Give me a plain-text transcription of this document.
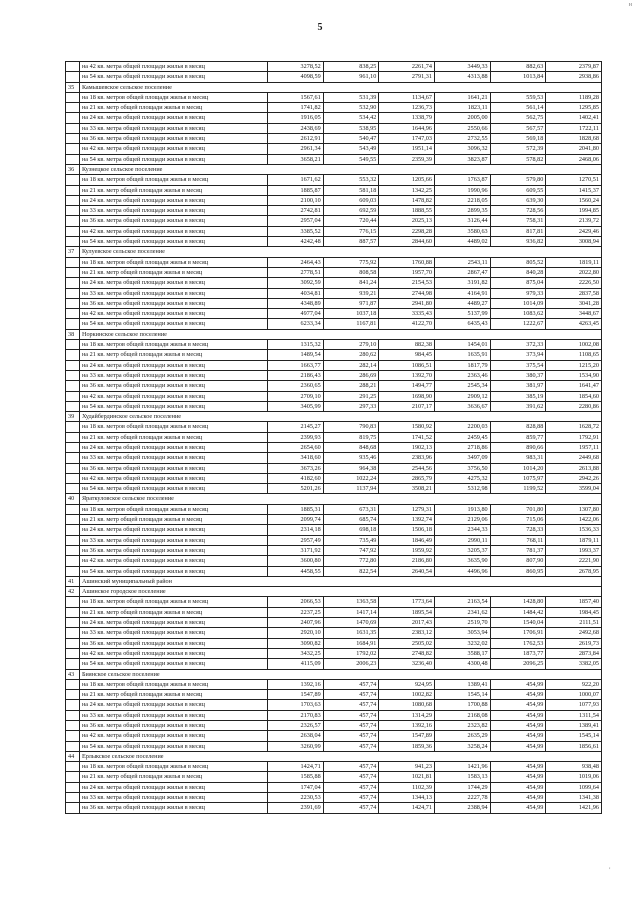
н
5
	на 42 кв. метра общей площади жилья в месяц	3278,52	838,25	2261,74	3449,33	882,63	2379,87
	на 54 кв. метра общей площади жилья в месяц	4098,59	961,10	2791,31	4313,88	1013,84	2938,86
35	Камышевское сельское поселение						
	на 18 кв. метров общей площади жилья в месяц	1567,61	531,39	1134,67	1641,21	559,53	1189,28
	на 21 кв. метр общей площади жилья в месяц	1741,82	532,90	1236,73	1823,11	561,14	1295,85
	на 24 кв. метра общей площади жилья в месяц	1916,05	534,42	1338,79	2005,00	562,75	1402,41
	на 33 кв. метра общей площади жилья в месяц	2438,69	538,95	1644,96	2550,66	567,57	1722,11
	на 36 кв. метра общей площади жилья в месяц	2612,91	540,47	1747,03	2732,55	569,18	1828,68
	на 42 кв. метра общей площади жилья в месяц	2961,34	543,49	1951,14	3096,32	572,39	2041,80
	на 54 кв. метра общей площади жилья в месяц	3658,21	549,55	2359,39	3823,87	578,82	2468,06
36	Кузнецкое сельское поселение						
	на 18 кв. метров общей площади жилья в месяц	1671,62	553,32	1205,66	1763,87	579,80	1270,51
	на 21 кв. метр общей площади жилья в месяц	1885,87	581,18	1342,25	1990,96	609,55	1415,37
	на 24 кв. метра общей площади жилья в месяц	2100,10	609,03	1478,82	2218,05	639,30	1560,24
	на 33 кв. метра общей площади жилья в месяц	2742,81	692,59	1888,55	2899,35	728,56	1994,85
	на 36 кв. метра общей площади жилья в месяц	2957,04	720,44	2025,13	3126,44	758,31	2139,72
	на 42 кв. метра общей площади жилья в месяц	3385,52	776,15	2298,28	3580,63	817,81	2429,46
	на 54 кв. метра общей площади жилья в месяц	4242,48	887,57	2844,60	4489,02	936,82	3008,94
37	Кулуевское сельское поселение						
	на 18 кв. метров общей площади жилья в месяц	2464,43	775,92	1760,88	2543,11	805,52	1819,11
	на 21 кв. метр общей площади жилья в месяц	2778,51	808,58	1957,70	2867,47	840,28	2022,80
	на 24 кв. метра общей площади жилья в месяц	3092,59	841,24	2154,53	3191,82	875,04	2226,50
	на 33 кв. метра общей площади жилья в месяц	4034,81	939,21	2744,98	4164,91	979,33	2837,58
	на 36 кв. метра общей площади жилья в месяц	4348,89	971,87	2941,80	4489,27	1014,09	3041,28
	на 42 кв. метра общей площади жилья в месяц	4977,04	1037,18	3335,43	5137,99	1083,62	3448,67
	на 54 кв. метра общей площади жилья в месяц	6233,34	1167,81	4122,70	6435,43	1222,67	4263,45
38	Норкинское сельское поселение						
	на 18 кв. метров общей площади жилья в месяц	1315,32	279,10	882,38	1454,01	372,33	1002,08
	на 21 кв. метр общей площади жилья в месяц	1489,54	280,62	984,45	1635,91	373,94	1108,65
	на 24 кв. метра общей площади жилья в месяц	1663,77	282,14	1086,51	1817,79	375,54	1215,20
	на 33 кв. метра общей площади жилья в месяц	2186,43	286,69	1392,70	2363,46	380,37	1534,90
	на 36 кв. метра общей площади жилья в месяц	2360,65	288,21	1494,77	2545,34	381,97	1641,47
	на 42 кв. метра общей площади жилья в месяц	2709,10	291,25	1698,90	2909,12	385,19	1854,60
	на 54 кв. метра общей площади жилья в месяц	3405,99	297,33	2107,17	3636,67	391,62	2280,86
39	Худайбердинское сельское поселение						
	на 18 кв. метров общей площади жилья в месяц	2145,27	790,83	1580,92	2200,03	828,88	1628,72
	на 21 кв. метр общей площади жилья в месяц	2399,93	819,75	1741,52	2459,45	859,77	1792,91
	на 24 кв. метра общей площади жилья в месяц	2654,60	848,68	1902,13	2718,86	890,66	1957,11
	на 33 кв. метра общей площади жилья в месяц	3418,60	935,46	2383,96	3497,09	983,31	2449,68
	на 36 кв. метра общей площади жилья в месяц	3673,26	964,38	2544,56	3756,50	1014,20	2613,88
	на 42 кв. метра общей площади жилья в месяц	4182,60	1022,24	2865,79	4275,32	1075,97	2942,26
	на 54 кв. метра общей площади жилья в месяц	5201,26	1137,94	3508,21	5312,98	1199,52	3599,04
40	Яраткуловское сельское поселение						
	на 18 кв. метров общей площади жилья в месяц	1885,31	673,31	1279,31	1913,80	701,80	1307,80
	на 21 кв. метр общей площади жилья в месяц	2099,74	685,74	1392,74	2129,06	715,06	1422,06
	на 24 кв. метра общей площади жилья в месяц	2314,18	698,18	1506,18	2344,33	728,33	1536,33
	на 33 кв. метра общей площади жилья в месяц	2957,49	735,49	1846,49	2990,11	768,11	1879,11
	на 36 кв. метра общей площади жилья в месяц	3171,92	747,92	1959,92	3205,37	781,37	1993,37
	на 42 кв. метра общей площади жилья в месяц	3600,80	772,80	2186,80	3635,90	807,90	2221,90
	на 54 кв. метра общей площади жилья в месяц	4458,55	822,54	2640,54	4496,96	860,95	2678,95
41	Ашинский муниципальный район						
42	Ашинское городское поселение						
	на 18 кв. метров общей площади жилья в месяц	2066,53	1363,58	1773,64	2163,54	1428,80	1857,40
	на 21 кв. метр общей площади жилья в месяц	2237,25	1417,14	1895,54	2341,62	1484,42	1984,45
	на 24 кв. метра общей площади жилья в месяц	2407,96	1470,69	2017,43	2519,70	1540,04	2111,51
	на 33 кв. метра общей площади жилья в месяц	2920,10	1631,35	2383,12	3053,94	1706,91	2492,68
	на 36 кв. метра общей площади жилья в месяц	3090,82	1684,91	2505,02	3232,02	1762,53	2619,73
	на 42 кв. метра общей площади жилья в месяц	3432,25	1792,02	2748,82	3588,17	1873,77	2873,84
	на 54 кв. метра общей площади жилья в месяц	4115,09	2006,23	3236,40	4300,48	2096,25	3382,05
43	Биянское сельское поселение						
	на 18 кв. метров общей площади жилья в месяц	1392,16	457,74	924,95	1389,41	454,99	922,20
	на 21 кв. метр общей площади жилья в месяц	1547,89	457,74	1002,82	1545,14	454,99	1000,07
	на 24 кв. метра общей площади жилья в месяц	1703,63	457,74	1080,68	1700,88	454,99	1077,93
	на 33 кв. метра общей площади жилья в месяц	2170,83	457,74	1314,29	2168,08	454,99	1311,54
	на 36 кв. метра общей площади жилья в месяц	2326,57	457,74	1392,16	2323,82	454,99	1389,41
	на 42 кв. метра общей площади жилья в месяц	2638,04	457,74	1547,89	2635,29	454,99	1545,14
	на 54 кв. метра общей площади жилья в месяц	3260,99	457,74	1859,36	3258,24	454,99	1856,61
44	Ерлыкское сельское поселение						
	на 18 кв. метров общей площади жилья в месяц	1424,71	457,74	941,23	1421,96	454,99	938,48
	на 21 кв. метр общей площади жилья в месяц	1585,88	457,74	1021,81	1583,13	454,99	1019,06
	на 24 кв. метра общей площади жилья в месяц	1747,04	457,74	1102,39	1744,29	454,99	1099,64
	на 33 кв. метра общей площади жилья в месяц	2230,53	457,74	1344,13	2227,78	454,99	1341,38
	на 36 кв. метра общей площади жилья в месяц	2391,69	457,74	1424,71	2388,94	454,99	1421,96
,
